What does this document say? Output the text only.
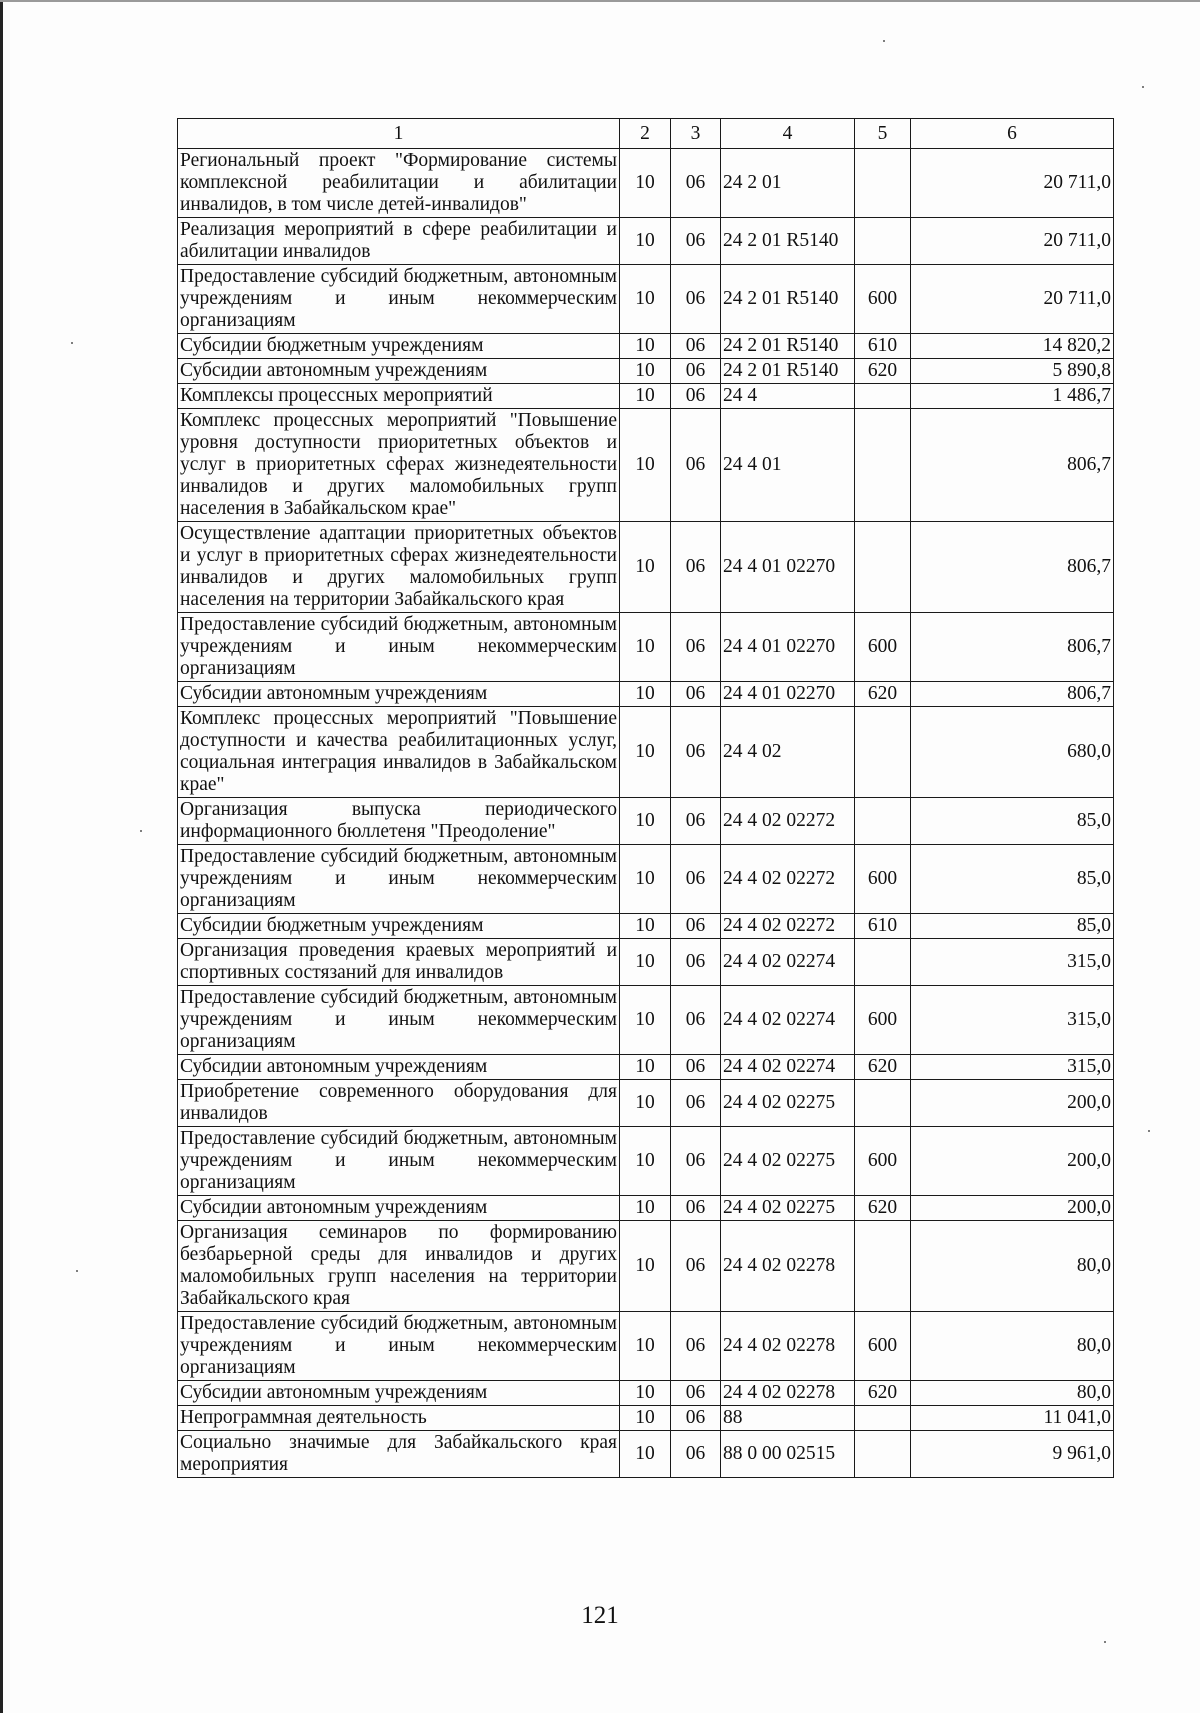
1	2	3	4	5	6
Региональный проект "Формирование системы комплексной реабилитации и абилитации инвалидов, в том числе детей-инвалидов"	10	06	24 2 01		20 711,0
Реализация мероприятий в сфере реабилитации и абилитации инвалидов	10	06	24 2 01 R5140		20 711,0
Предоставление субсидий бюджетным, автономным учреждениям и иным некоммерческим организациям	10	06	24 2 01 R5140	600	20 711,0
Субсидии бюджетным учреждениям	10	06	24 2 01 R5140	610	14 820,2
Субсидии автономным учреждениям	10	06	24 2 01 R5140	620	5 890,8
Комплексы процессных мероприятий	10	06	24 4		1 486,7
Комплекс процессных мероприятий "Повышение уровня доступности приоритетных объектов и услуг в приоритетных сферах жизнедеятельности инвалидов и других маломобильных групп населения в Забайкальском крае"	10	06	24 4 01		806,7
Осуществление адаптации приоритетных объектов и услуг в приоритетных сферах жизнедеятельности инвалидов и других маломобильных групп населения на территории Забайкальского края	10	06	24 4 01 02270		806,7
Предоставление субсидий бюджетным, автономным учреждениям и иным некоммерческим организациям	10	06	24 4 01 02270	600	806,7
Субсидии автономным учреждениям	10	06	24 4 01 02270	620	806,7
Комплекс процессных мероприятий "Повышение доступности и качества реабилитационных услуг, социальная интеграция инвалидов в Забайкальском крае"	10	06	24 4 02		680,0
Организация выпуска периодического информационного бюллетеня "Преодоление"	10	06	24 4 02 02272		85,0
Предоставление субсидий бюджетным, автономным учреждениям и иным некоммерческим организациям	10	06	24 4 02 02272	600	85,0
Субсидии бюджетным учреждениям	10	06	24 4 02 02272	610	85,0
Организация проведения краевых мероприятий и спортивных состязаний для инвалидов	10	06	24 4 02 02274		315,0
Предоставление субсидий бюджетным, автономным учреждениям и иным некоммерческим организациям	10	06	24 4 02 02274	600	315,0
Субсидии автономным учреждениям	10	06	24 4 02 02274	620	315,0
Приобретение современного оборудования для инвалидов	10	06	24 4 02 02275		200,0
Предоставление субсидий бюджетным, автономным учреждениям и иным некоммерческим организациям	10	06	24 4 02 02275	600	200,0
Субсидии автономным учреждениям	10	06	24 4 02 02275	620	200,0
Организация семинаров по формированию безбарьерной среды для инвалидов и других маломобильных групп населения на территории Забайкальского края	10	06	24 4 02 02278		80,0
Предоставление субсидий бюджетным, автономным учреждениям и иным некоммерческим организациям	10	06	24 4 02 02278	600	80,0
Субсидии автономным учреждениям	10	06	24 4 02 02278	620	80,0
Непрограммная деятельность	10	06	88		11 041,0
Социально значимые для Забайкальского края мероприятия	10	06	88 0 00 02515		9 961,0
121
